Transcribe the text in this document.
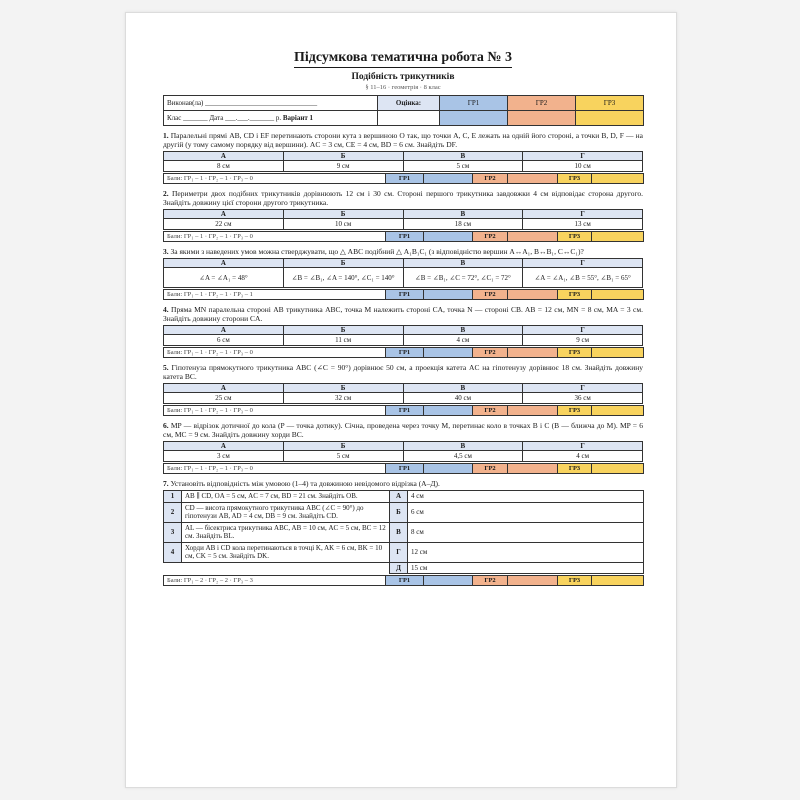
Підсумкова тематична робота № 3
Подібність трикутників
§ 11–16 · геометрія · 8 клас
Виконав(ла) ________________________________	Оцінка:	ГР1	ГР2	ГР3
Клас _______ Дата ___.___._______ р. Варіант 1				
1. Паралельні прямі AB, CD і EF перетинають сторони кута з вершиною O так, що точки A, C, E лежать на одній його стороні, а точки B, D, F — на другій (у тому самому порядку від вершини). AC = 3 см, CE = 4 см, BD = 6 см. Знайдіть DF.
А	Б	В	Г
8 см	9 см	5 см	10 см
Бали: ГР₁ – 1 · ГР₂ – 1 · ГР₃ – 0	ГР1		ГР2		ГР3	
2. Периметри двох подібних трикутників дорівнюють 12 см і 30 см. Стороні першого трикутника завдовжки 4 см відповідає сторона другого. Знайдіть довжину цієї сторони другого трикутника.
А	Б	В	Г
22 см	10 см	18 см	13 см
Бали: ГР₁ – 1 · ГР₂ – 1 · ГР₃ – 0	ГР1		ГР2		ГР3	
3. За якими з наведених умов можна стверджувати, що △ ABC подібний △ A₁B₁C₁ (з відповідністю вершин A↔A₁, B↔B₁, C↔C₁)?
А	Б	В	Г
∠A = ∠A₁ = 48°	∠B = ∠B₁, ∠A = 140°, ∠C₁ = 140°	∠B = ∠B₁, ∠C = 72°, ∠C₁ = 72°	∠A = ∠A₁, ∠B = 55°, ∠B₁ = 65°
Бали: ГР₁ – 1 · ГР₂ – 1 · ГР₃ – 1	ГР1		ГР2		ГР3	
4. Пряма MN паралельна стороні AB трикутника ABC, точка M належить стороні CA, точка N — стороні CB. AB = 12 см, MN = 8 см, MA = 3 см. Знайдіть довжину сторони CA.
А	Б	В	Г
6 см	11 см	4 см	9 см
Бали: ГР₁ – 1 · ГР₂ – 1 · ГР₃ – 0	ГР1		ГР2		ГР3	
5. Гіпотенуза прямокутного трикутника ABC (∠C = 90°) дорівнює 50 см, а проекція катета AC на гіпотенузу дорівнює 18 см. Знайдіть довжину катета BC.
А	Б	В	Г
25 см	32 см	40 см	36 см
Бали: ГР₁ – 1 · ГР₂ – 1 · ГР₃ – 0	ГР1		ГР2		ГР3	
6. MP — відрізок дотичної до кола (P — точка дотику). Січна, проведена через точку M, перетинає коло в точках B і C (B — ближча до M). MP = 6 см, MC = 9 см. Знайдіть довжину хорди BC.
А	Б	В	Г
3 см	5 см	4,5 см	4 см
Бали: ГР₁ – 1 · ГР₂ – 1 · ГР₃ – 0	ГР1		ГР2		ГР3	
7. Установіть відповідність між умовою (1–4) та довжиною невідомого відрізка (А–Д).
1	AB ∥ CD, OA = 5 см, AC = 7 см, BD = 21 см. Знайдіть OB.	А	4 см
2	CD — висота прямокутного трикутника ABC (∠C = 90°) до гіпотенузи AB, AD = 4 см, DB = 9 см. Знайдіть CD.	Б	6 см
3	AL — бісектриса трикутника ABC, AB = 10 см, AC = 5 см, BC = 12 см. Знайдіть BL.	В	8 см
4	Хорди AB і CD кола перетинаються в точці K, AK = 6 см, BK = 10 см, CK = 5 см. Знайдіть DK.	Г	12 см
		Д	15 см
Бали: ГР₁ – 2 · ГР₂ – 2 · ГР₃ – 3	ГР1		ГР2		ГР3	
